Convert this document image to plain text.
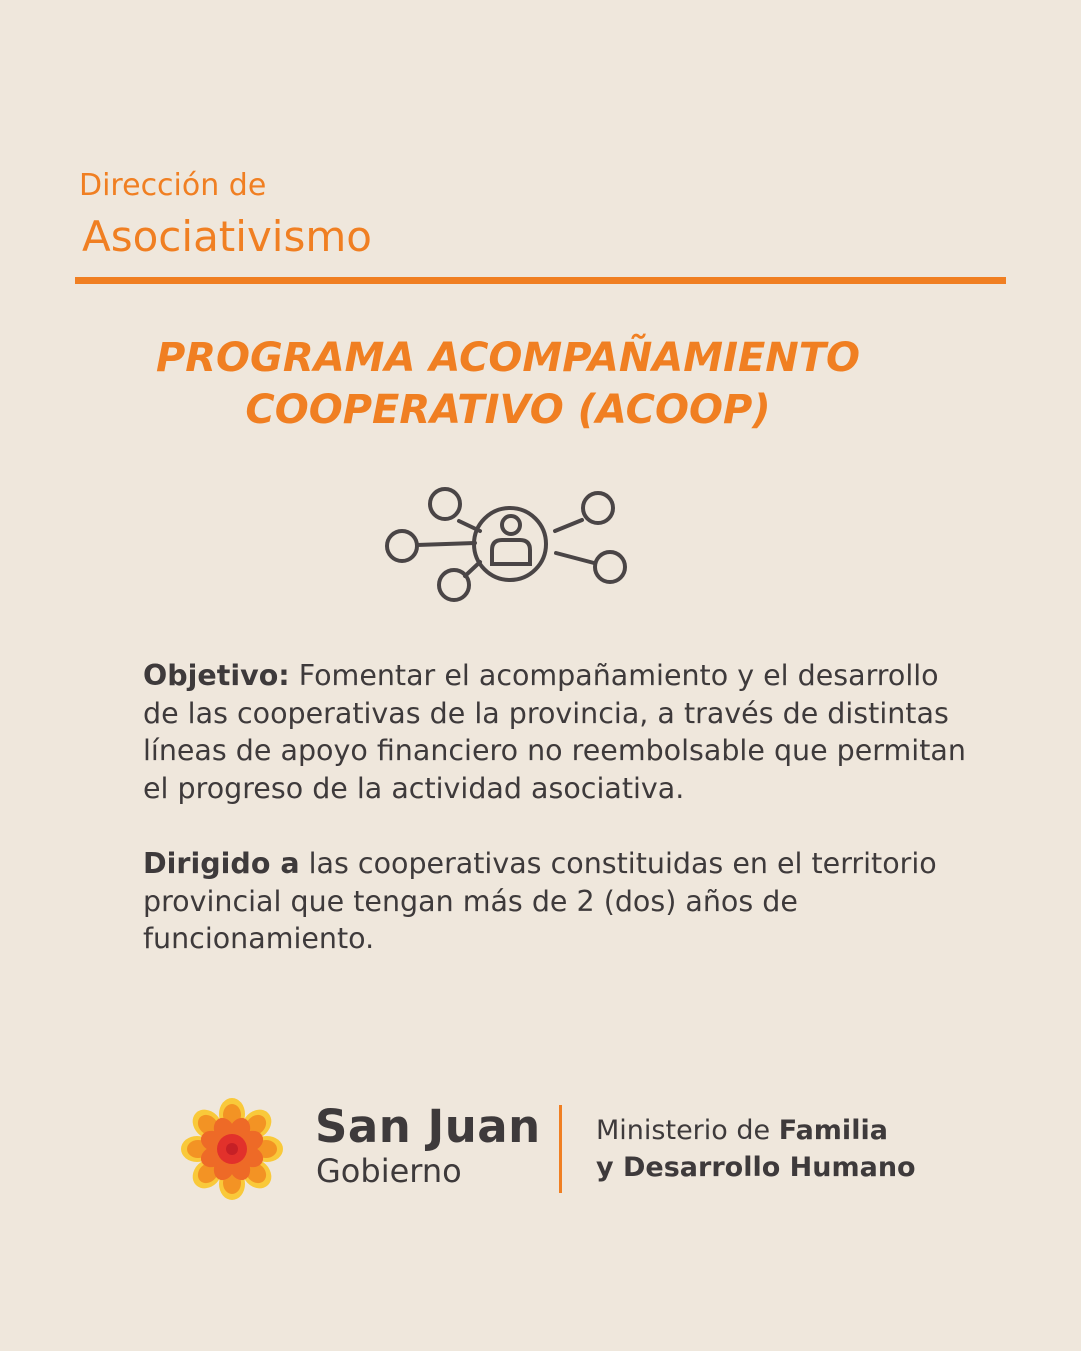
Dirección de
Asociativismo
PROGRAMA ACOMPAÑAMIENTO
COOPERATIVO (ACOOP)
Objetivo: Fomentar el acompañamiento y el desarrollo
de las cooperativas de la provincia, a través de distintas
líneas de apoyo financiero no reembolsable que permitan
el progreso de la actividad asociativa.
Dirigido a las cooperativas constituidas en el territorio
provincial que tengan más de 2 (dos) años de
funcionamiento.
San Juan
Gobierno
Ministerio de Familia
y Desarrollo Humano
